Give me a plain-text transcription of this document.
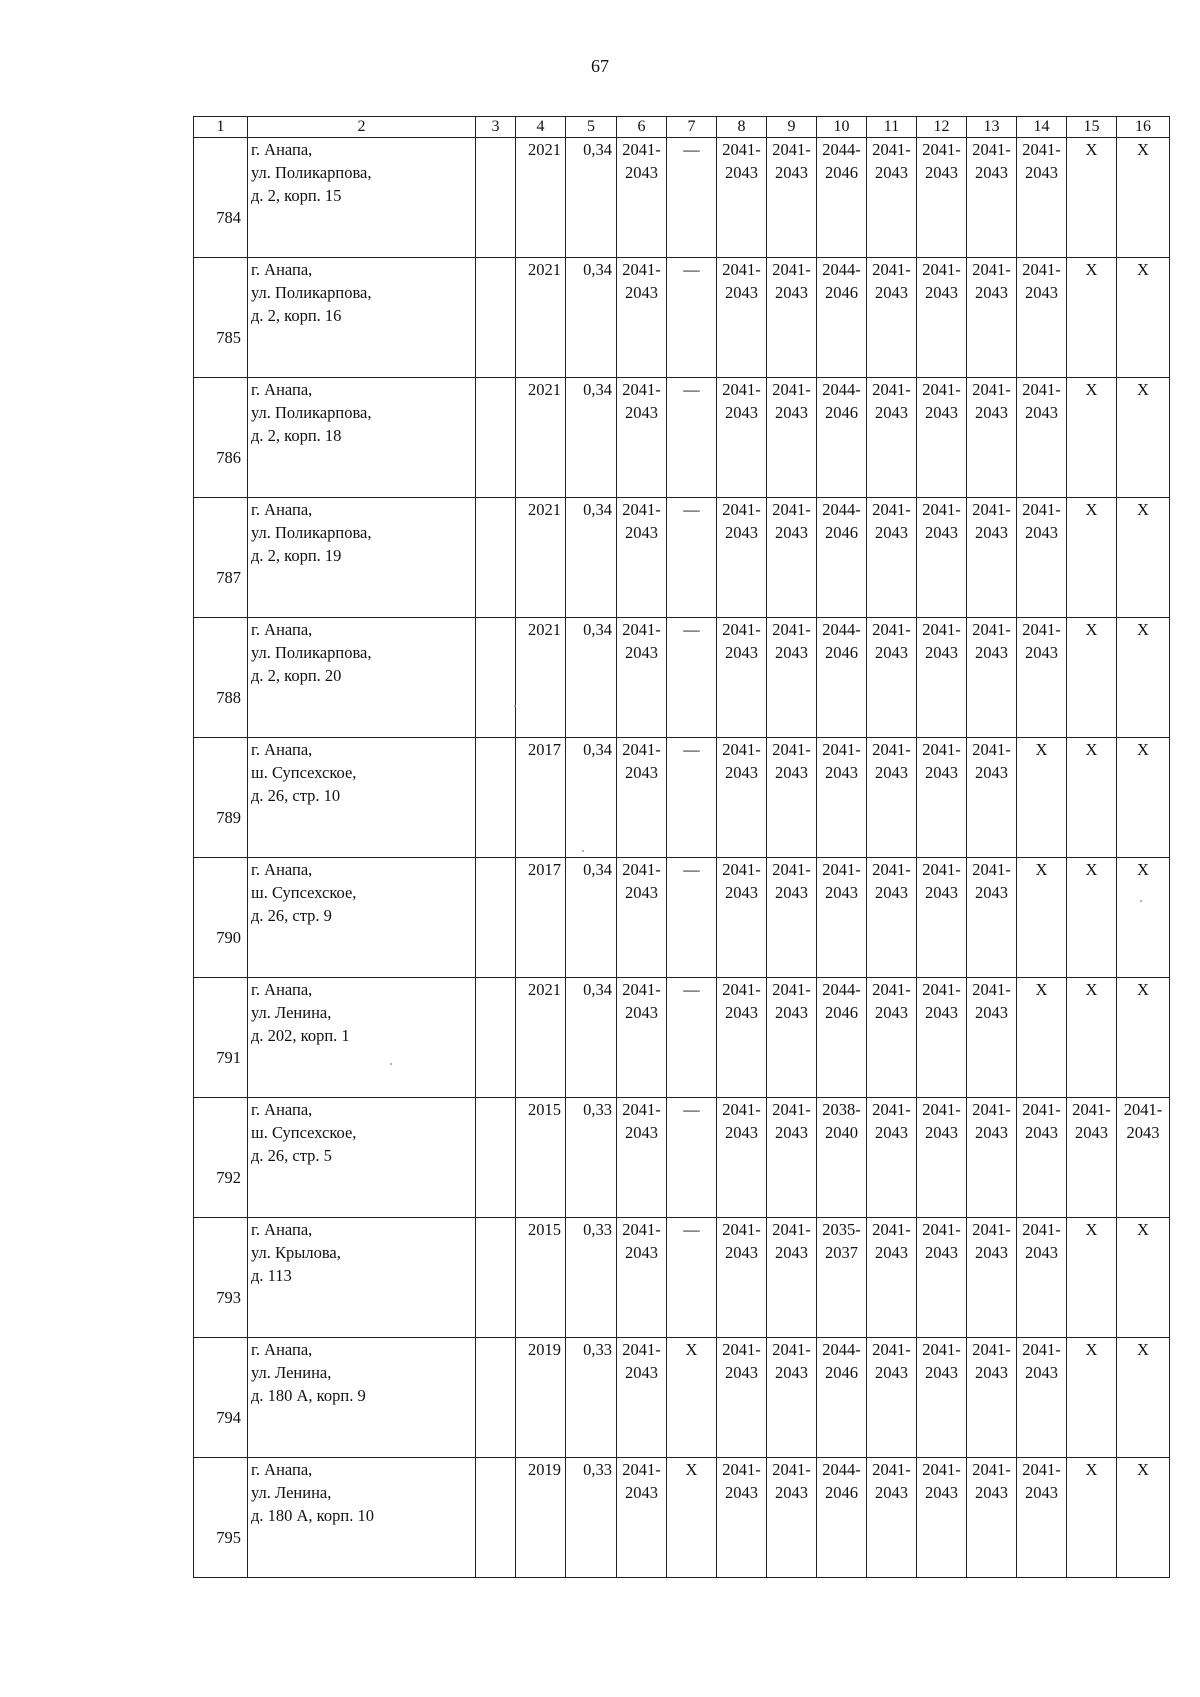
67
1	2	3	4	5	6	7	8	9	10	11	12	13	14	15	16
784	г. Анапа,
ул. Поликарпова,
д. 2, корп. 15		2021	0,34	2041-
2043	—	2041-
2043	2041-
2043	2044-
2046	2041-
2043	2041-
2043	2041-
2043	2041-
2043	Х	Х

785	г. Анапа,
ул. Поликарпова,
д. 2, корп. 16		2021	0,34	2041-
2043	—	2041-
2043	2041-
2043	2044-
2046	2041-
2043	2041-
2043	2041-
2043	2041-
2043	Х	Х

786	г. Анапа,
ул. Поликарпова,
д. 2, корп. 18		2021	0,34	2041-
2043	—	2041-
2043	2041-
2043	2044-
2046	2041-
2043	2041-
2043	2041-
2043	2041-
2043	Х	Х

787	г. Анапа,
ул. Поликарпова,
д. 2, корп. 19		2021	0,34	2041-
2043	—	2041-
2043	2041-
2043	2044-
2046	2041-
2043	2041-
2043	2041-
2043	2041-
2043	Х	Х

788	г. Анапа,
ул. Поликарпова,
д. 2, корп. 20		2021	0,34	2041-
2043	—	2041-
2043	2041-
2043	2044-
2046	2041-
2043	2041-
2043	2041-
2043	2041-
2043	Х	Х

789	г. Анапа,
ш. Супсехское,
д. 26, стр. 10		2017	0,34	2041-
2043	—	2041-
2043	2041-
2043	2041-
2043	2041-
2043	2041-
2043	2041-
2043	Х	Х	Х

790	г. Анапа,
ш. Супсехское,
д. 26, стр. 9		2017	0,34	2041-
2043	—	2041-
2043	2041-
2043	2041-
2043	2041-
2043	2041-
2043	2041-
2043	Х	Х	Х

791	г. Анапа,
ул. Ленина,
д. 202, корп. 1		2021	0,34	2041-
2043	—	2041-
2043	2041-
2043	2044-
2046	2041-
2043	2041-
2043	2041-
2043	Х	Х	Х

792	г. Анапа,
ш. Супсехское,
д. 26, стр. 5		2015	0,33	2041-
2043	—	2041-
2043	2041-
2043	2038-
2040	2041-
2043	2041-
2043	2041-
2043	2041-
2043	2041-
2043	2041-
2043

793	г. Анапа,
ул. Крылова,
д. 113		2015	0,33	2041-
2043	—	2041-
2043	2041-
2043	2035-
2037	2041-
2043	2041-
2043	2041-
2043	2041-
2043	Х	Х

794	г. Анапа,
ул. Ленина,
д. 180 А, корп. 9		2019	0,33	2041-
2043	Х	2041-
2043	2041-
2043	2044-
2046	2041-
2043	2041-
2043	2041-
2043	2041-
2043	Х	Х

795	г. Анапа,
ул. Ленина,
д. 180 А, корп. 10		2019	0,33	2041-
2043	Х	2041-
2043	2041-
2043	2044-
2046	2041-
2043	2041-
2043	2041-
2043	2041-
2043	Х	Х
